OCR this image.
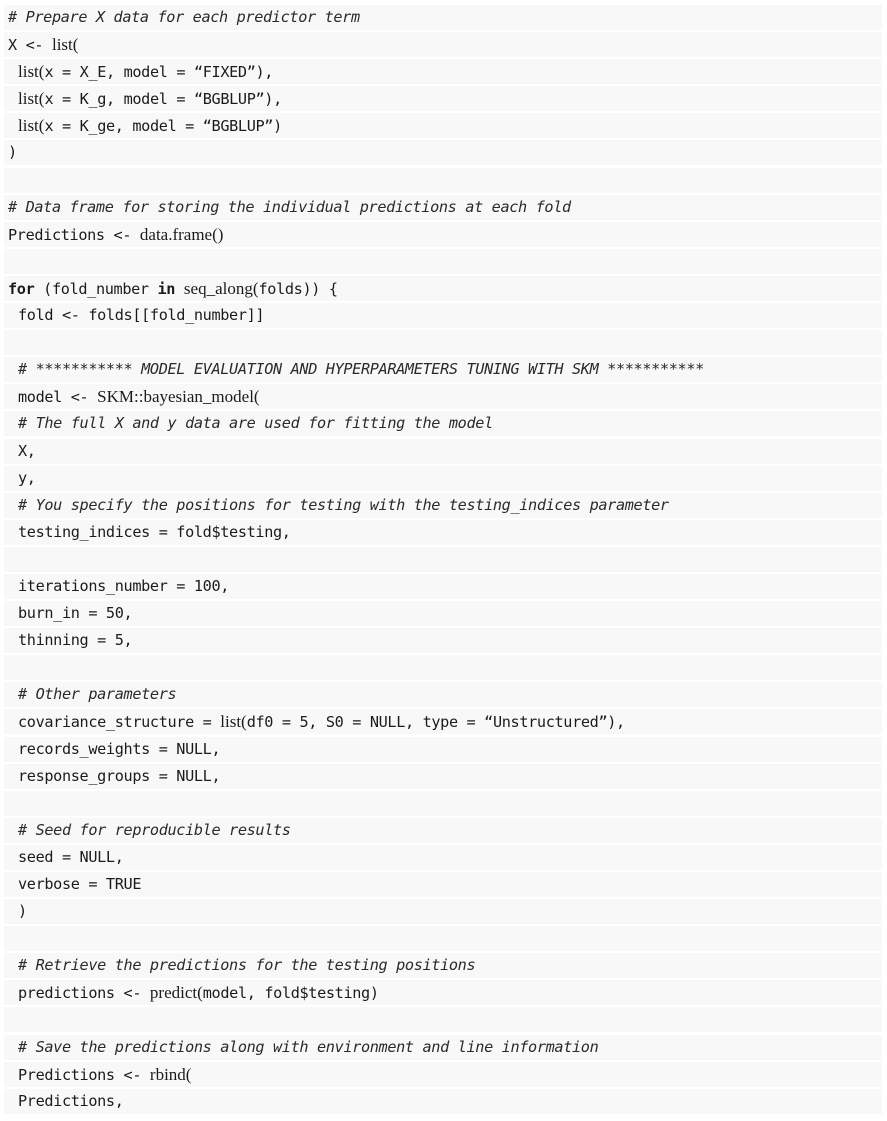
# Prepare X data for each predictor term
X <- list(
list(x = X_E, model = “FIXED”),
list(x = K_g, model = “BGBLUP”),
list(x = K_ge, model = “BGBLUP”)
)
# Data frame for storing the individual predictions at each fold
Predictions <- data.frame()
for (fold_number in seq_along(folds)) {
fold <- folds[[fold_number]]
# *********** MODEL EVALUATION AND HYPERPARAMETERS TUNING WITH SKM ***********
model <- SKM::bayesian_model(
# The full X and y data are used for fitting the model
X,
y,
# You specify the positions for testing with the testing_indices parameter
testing_indices = fold$testing,
iterations_number = 100,
burn_in = 50,
thinning = 5,
# Other parameters
covariance_structure = list(df0 = 5, S0 = NULL, type = “Unstructured”),
records_weights = NULL,
response_groups = NULL,
# Seed for reproducible results
seed = NULL,
verbose = TRUE
)
# Retrieve the predictions for the testing positions
predictions <- predict(model, fold$testing)
# Save the predictions along with environment and line information
Predictions <- rbind(
Predictions,
